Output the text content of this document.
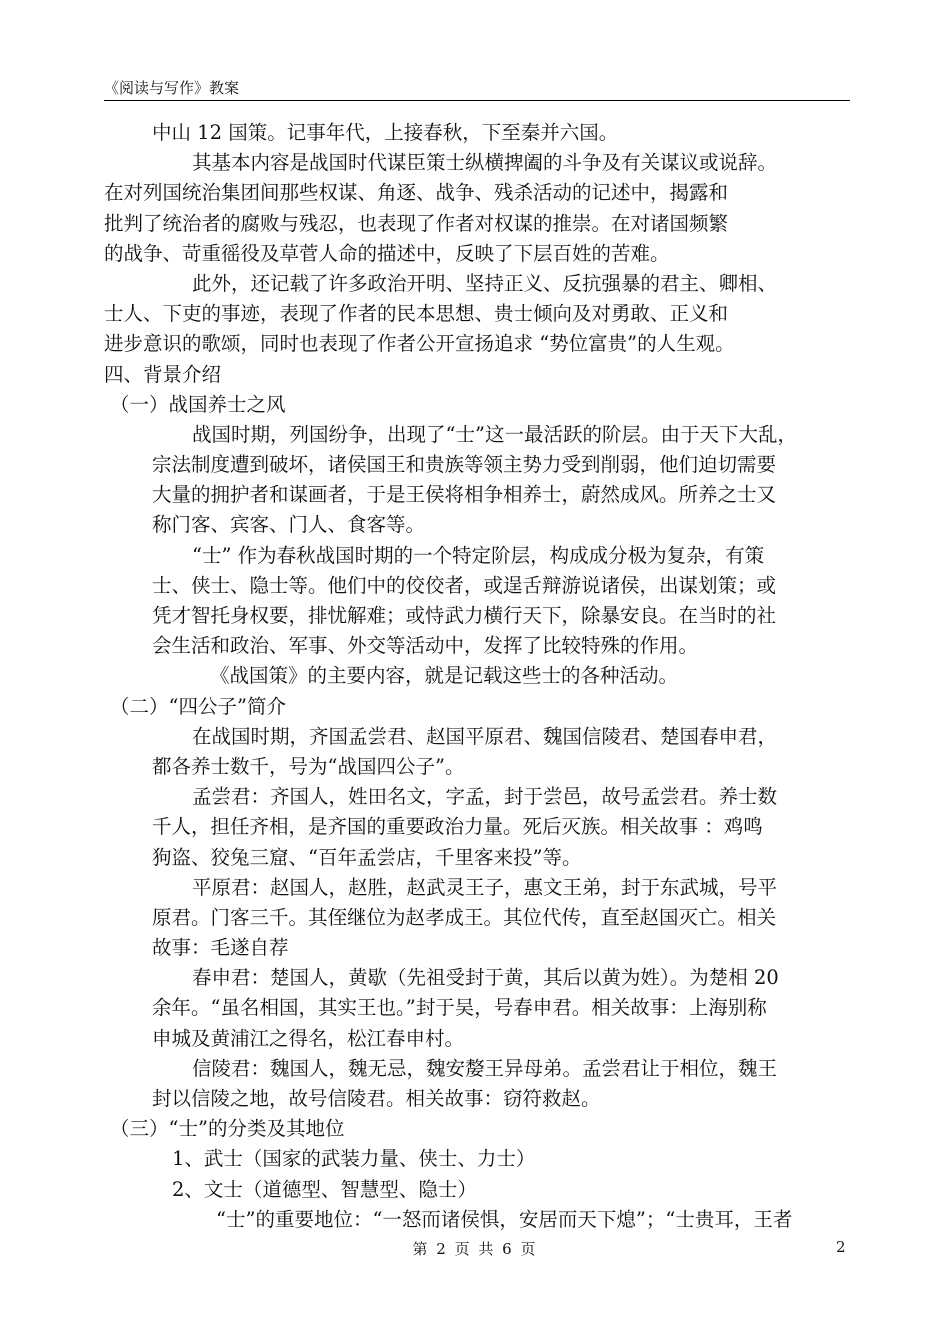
《阅读与写作》教案
中山 12 国策。记事年代，上接春秋，下至秦并六国。
其基本内容是战国时代谋臣策士纵横捭阖的斗争及有关谋议或说辞。
在对列国统治集团间那些权谋、角逐、战争、残杀活动的记述中，揭露和
批判了统治者的腐败与残忍，也表现了作者对权谋的推崇。在对诸国频繁
的战争、苛重徭役及草菅人命的描述中，反映了下层百姓的苦难。
此外，还记载了许多政治开明、坚持正义、反抗强暴的君主、卿相、
士人、下吏的事迹，表现了作者的民本思想、贵士倾向及对勇敢、正义和
进步意识的歌颂，同时也表现了作者公开宣扬追求 “势位富贵”的人生观。
四、背景介绍
（一）战国养士之风
战国时期，列国纷争，出现了“士”这一最活跃的阶层。由于天下大乱，
宗法制度遭到破坏，诸侯国王和贵族等领主势力受到削弱，他们迫切需要
大量的拥护者和谋画者，于是王侯将相争相养士，蔚然成风。所养之士又
称门客、宾客、门人、食客等。
“士” 作为春秋战国时期的一个特定阶层，构成成分极为复杂，有策
士、侠士、隐士等。他们中的佼佼者，或逞舌辩游说诸侯，出谋划策；或
凭才智托身权要，排忧解难；或恃武力横行天下，除暴安良。在当时的社
会生活和政治、军事、外交等活动中，发挥了比较特殊的作用。
《战国策》的主要内容，就是记载这些士的各种活动。
（二）“四公子”简介
在战国时期，齐国孟尝君、赵国平原君、魏国信陵君、楚国春申君，
都各养士数千，号为“战国四公子”。
孟尝君：齐国人，姓田名文，字孟，封于尝邑，故号孟尝君。养士数
千人，担任齐相，是齐国的重要政治力量。死后灭族。相关故事 ：鸡鸣
狗盗、狡兔三窟、“百年孟尝店，千里客来投”等。
平原君：赵国人，赵胜，赵武灵王子，惠文王弟，封于东武城，号平
原君。门客三千。其侄继位为赵孝成王。其位代传，直至赵国灭亡。相关
故事：毛遂自荐
春申君：楚国人，黄歇（先祖受封于黄，其后以黄为姓）。为楚相 20
余年。“虽名相国，其实王也。”封于吴，号春申君。相关故事：上海别称
申城及黄浦江之得名，松江春申村。
信陵君：魏国人，魏无忌，魏安嫠王异母弟。孟尝君让于相位，魏王
封以信陵之地，故号信陵君。相关故事：窃符救赵。
（三）“士”的分类及其地位
1、武士（国家的武装力量、侠士、力士）
2、文士（道德型、智慧型、隐士）
“士”的重要地位：“一怒而诸侯惧，安居而天下熄”；“士贵耳，王者
第 2 页 共 6 页	2
